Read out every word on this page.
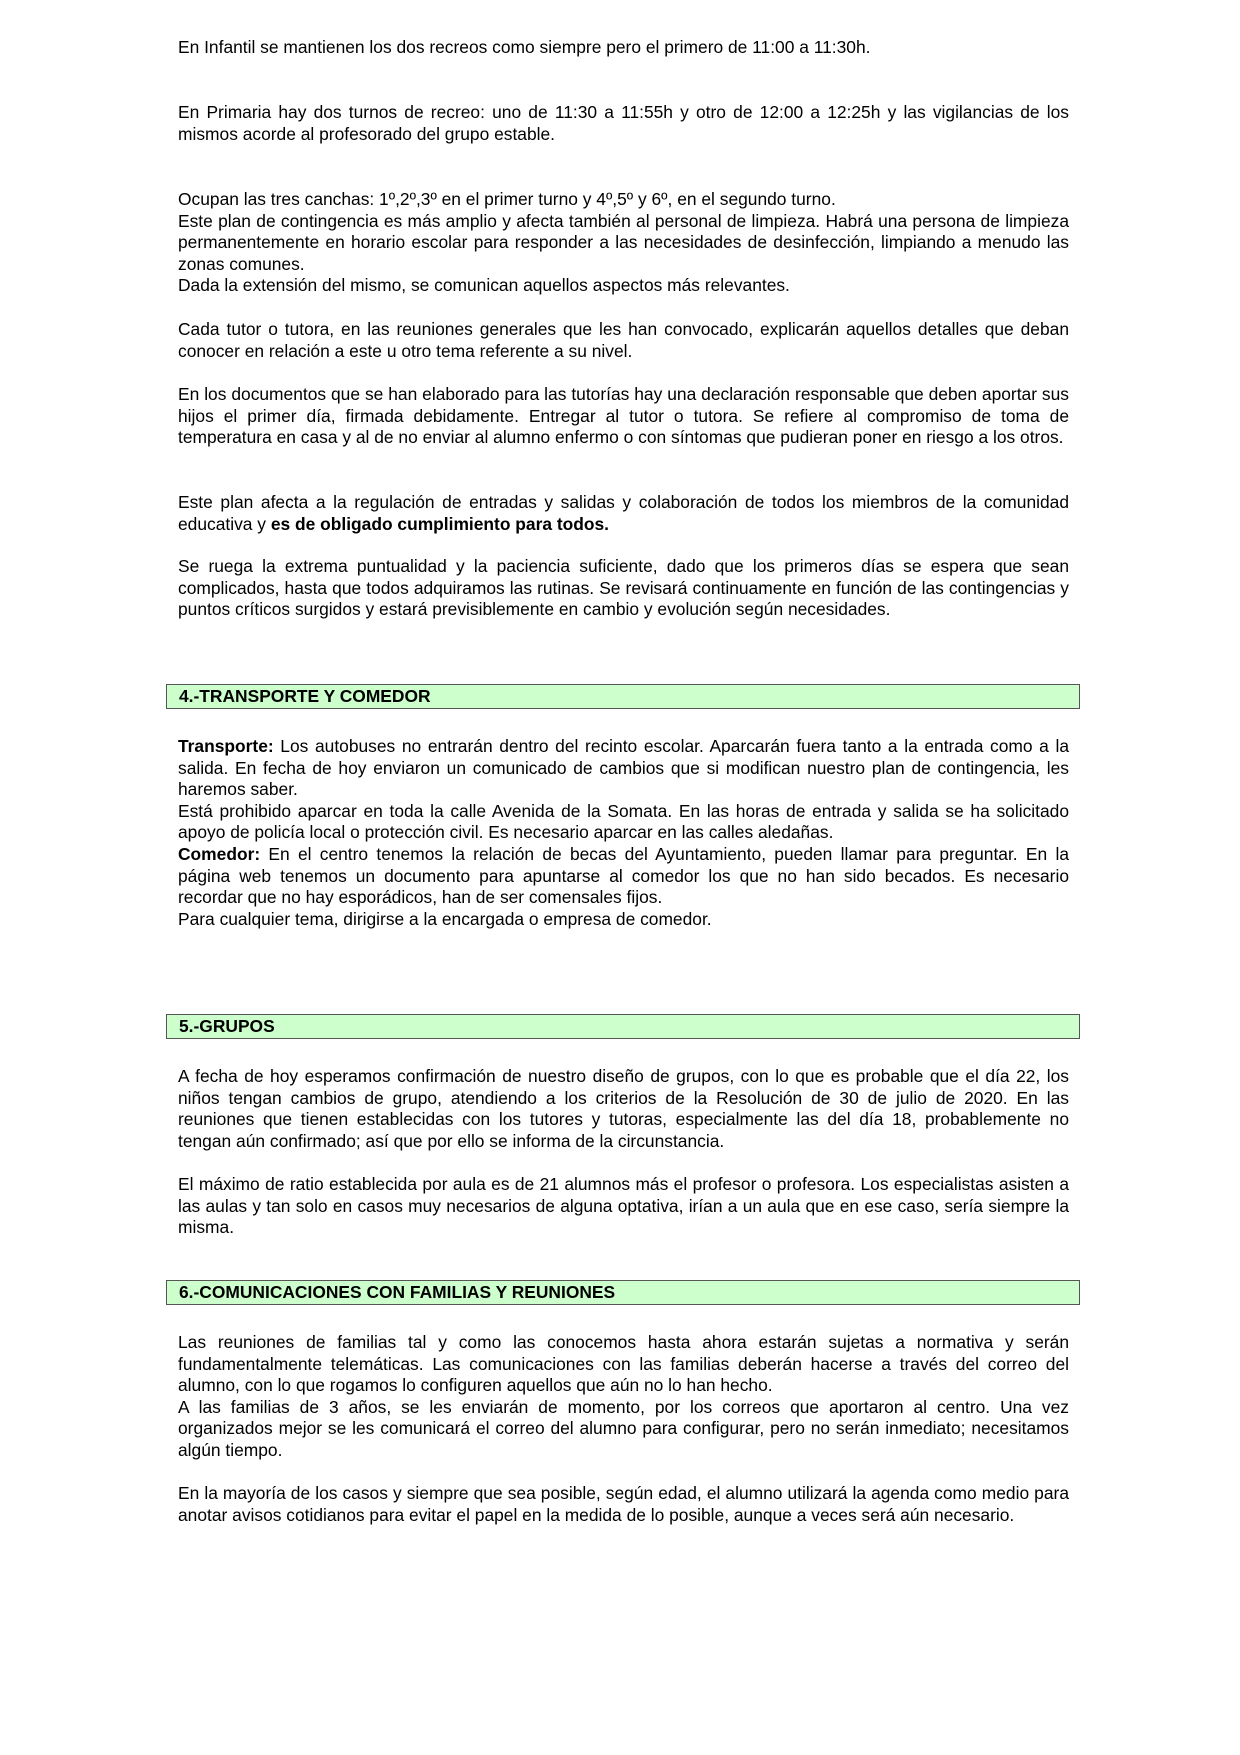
En Infantil se mantienen los dos recreos como siempre pero el primero de 11:00 a 11:30h.

En Primaria hay dos turnos de recreo: uno de 11:30 a 11:55h y otro de 12:00 a 12:25h y las vigilancias de los mismos acorde al profesorado del grupo estable.

Ocupan las tres canchas: 1º,2º,3º en el primer turno y 4º,5º y 6º, en el segundo turno.
Este plan de contingencia es más amplio y afecta también al personal de limpieza. Habrá una persona de limpieza permanentemente en horario escolar para responder a las necesidades de desinfección, limpiando a menudo las zonas comunes.
Dada la extensión del mismo, se comunican aquellos aspectos más relevantes.

Cada tutor o tutora, en las reuniones generales que les han convocado, explicarán aquellos detalles que deban conocer en relación a este u otro tema referente a su nivel.

En los documentos que se han elaborado para las tutorías hay una declaración responsable que deben aportar sus hijos el primer día, firmada debidamente. Entregar al tutor o tutora. Se refiere al compromiso de toma de temperatura en casa y al de no enviar al alumno enfermo o con síntomas que pudieran poner en riesgo a los otros.

Este plan afecta a la regulación de entradas y salidas y colaboración de todos los miembros de la comunidad educativa y es de obligado cumplimiento para todos.

Se ruega la extrema puntualidad y la paciencia suficiente, dado que los primeros días se espera que sean complicados, hasta que todos adquiramos las rutinas. Se revisará continuamente en función de las contingencias y puntos críticos surgidos y estará previsiblemente en cambio y evolución según necesidades.

4.-TRANSPORTE Y COMEDOR
Transporte: Los autobuses no entrarán dentro del recinto escolar. Aparcarán fuera tanto a la entrada como a la salida. En fecha de hoy enviaron un comunicado de cambios que si modifican nuestro plan de contingencia, les haremos saber.
Está prohibido aparcar en toda la calle Avenida de la Somata. En las horas de entrada y salida se ha solicitado apoyo de policía local o protección civil. Es necesario aparcar en las calles aledañas.
Comedor: En el centro tenemos la relación de becas del Ayuntamiento, pueden llamar para preguntar. En la página web tenemos un documento para apuntarse al comedor los que no han sido becados. Es necesario recordar que no hay esporádicos, han de ser comensales fijos.
Para cualquier tema, dirigirse a la encargada o empresa de comedor.
5.-GRUPOS

A fecha de hoy esperamos confirmación de nuestro diseño de grupos, con lo que es probable que el día 22, los niños tengan cambios de grupo, atendiendo a los criterios de la Resolución de 30 de julio de 2020. En las reuniones que tienen establecidas con los tutores y tutoras, especialmente las del día 18, probablemente no tengan aún confirmado; así que por ello se informa de la circunstancia.

El máximo de ratio establecida por aula es de 21 alumnos más el profesor o profesora. Los especialistas asisten a las aulas y tan solo en casos muy necesarios de alguna optativa, irían a un aula que en ese caso, sería siempre la misma.

6.-COMUNICACIONES CON FAMILIAS Y REUNIONES
Las reuniones de familias tal y como las conocemos hasta ahora estarán sujetas a normativa y serán fundamentalmente telemáticas. Las comunicaciones con las familias deberán hacerse a través del correo del alumno, con lo que rogamos lo configuren aquellos que aún no lo han hecho.
A las familias de 3 años, se les enviarán de momento, por los correos que aportaron al centro. Una vez organizados mejor se les comunicará el correo del alumno para configurar, pero no serán inmediato; necesitamos algún tiempo.

En la mayoría de los casos y siempre que sea posible, según edad, el alumno utilizará la agenda como medio para anotar avisos cotidianos para evitar el papel en la medida de lo posible, aunque a veces será aún necesario.
